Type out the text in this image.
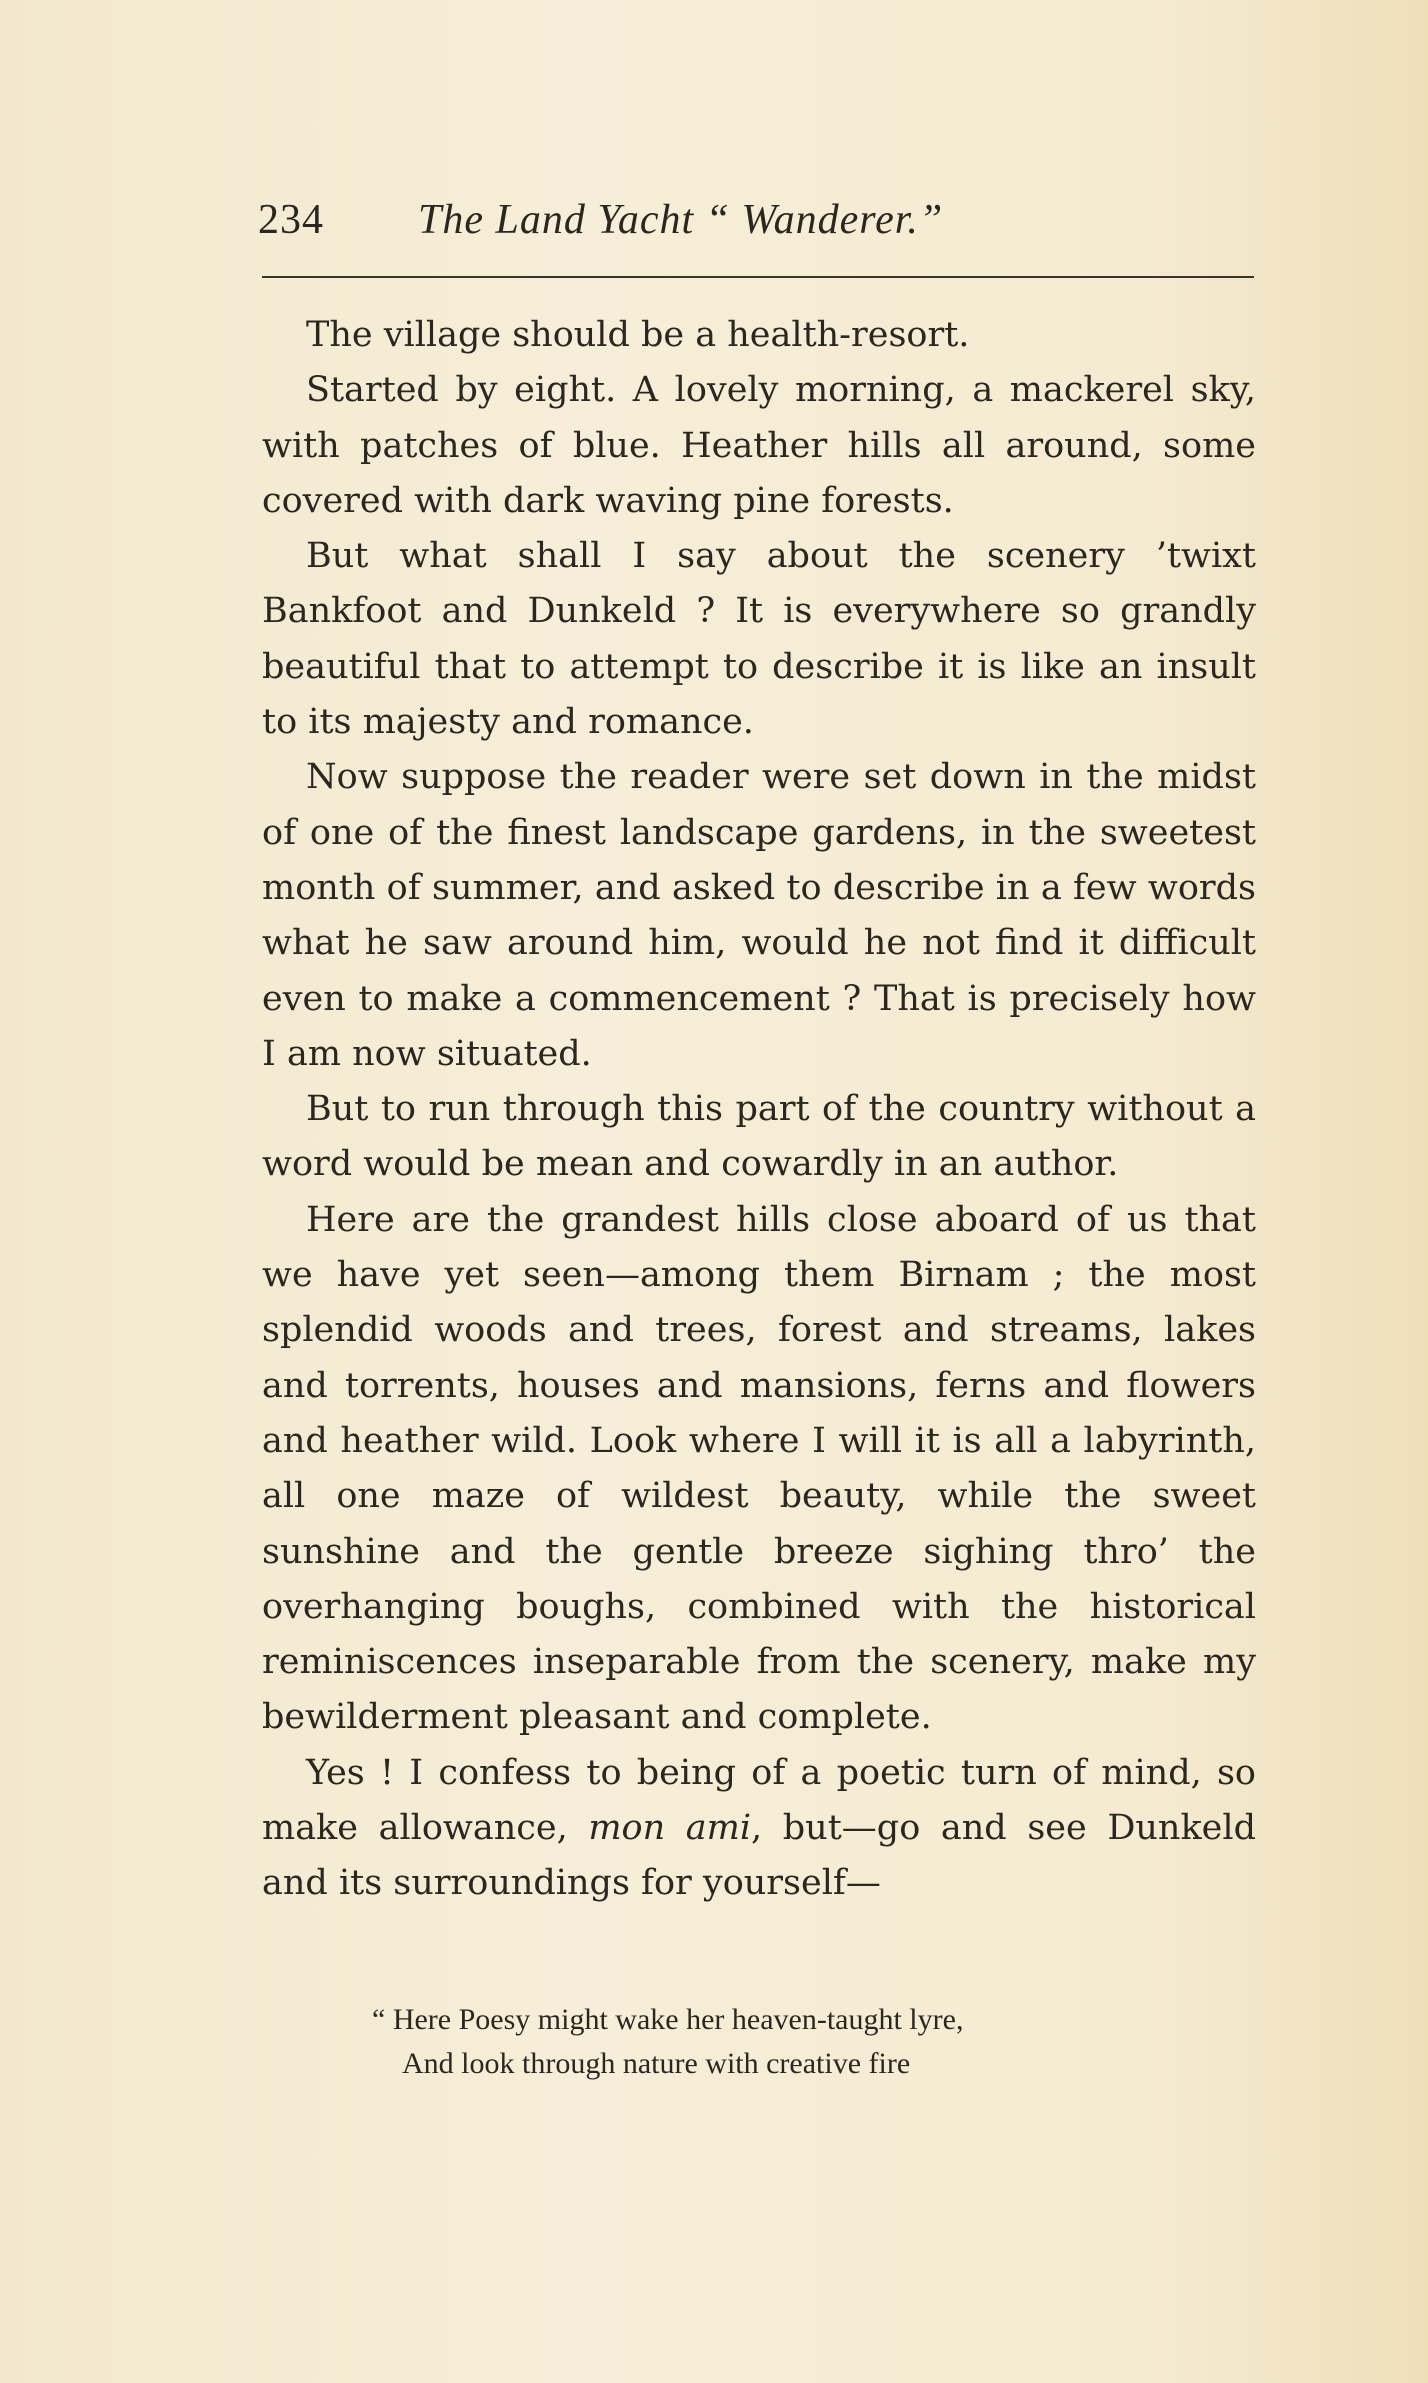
234 The Land Yacht “ Wanderer.”

The village should be a health-resort.

Started by eight. A lovely morning, a mackerel sky, with patches of blue. Heather hills all around, some covered with dark waving pine forests.

But what shall I say about the scenery ’twixt Bankfoot and Dunkeld ? It is everywhere so grandly beautiful that to attempt to describe it is like an insult to its majesty and romance.

Now suppose the reader were set down in the midst of one of the finest landscape gardens, in the sweetest month of summer, and asked to describe in a few words what he saw around him, would he not find it difficult even to make a commencement ? That is precisely how I am now situated.

But to run through this part of the country without a word would be mean and cowardly in an author.

Here are the grandest hills close aboard of us that we have yet seen—among them Birnam ; the most splendid woods and trees, forest and streams, lakes and torrents, houses and mansions, ferns and flowers and heather wild. Look where I will it is all a labyrinth, all one maze of wildest beauty, while the sweet sunshine and the gentle breeze sighing thro’ the overhanging boughs, combined with the historical reminiscences inseparable from the scenery, make my bewilderment pleasant and complete.

Yes ! I confess to being of a poetic turn of mind, so make allowance, mon ami, but—go and see Dunkeld and its surroundings for yourself—

“ Here Poesy might wake her heaven-taught lyre,
And look through nature with creative fire
